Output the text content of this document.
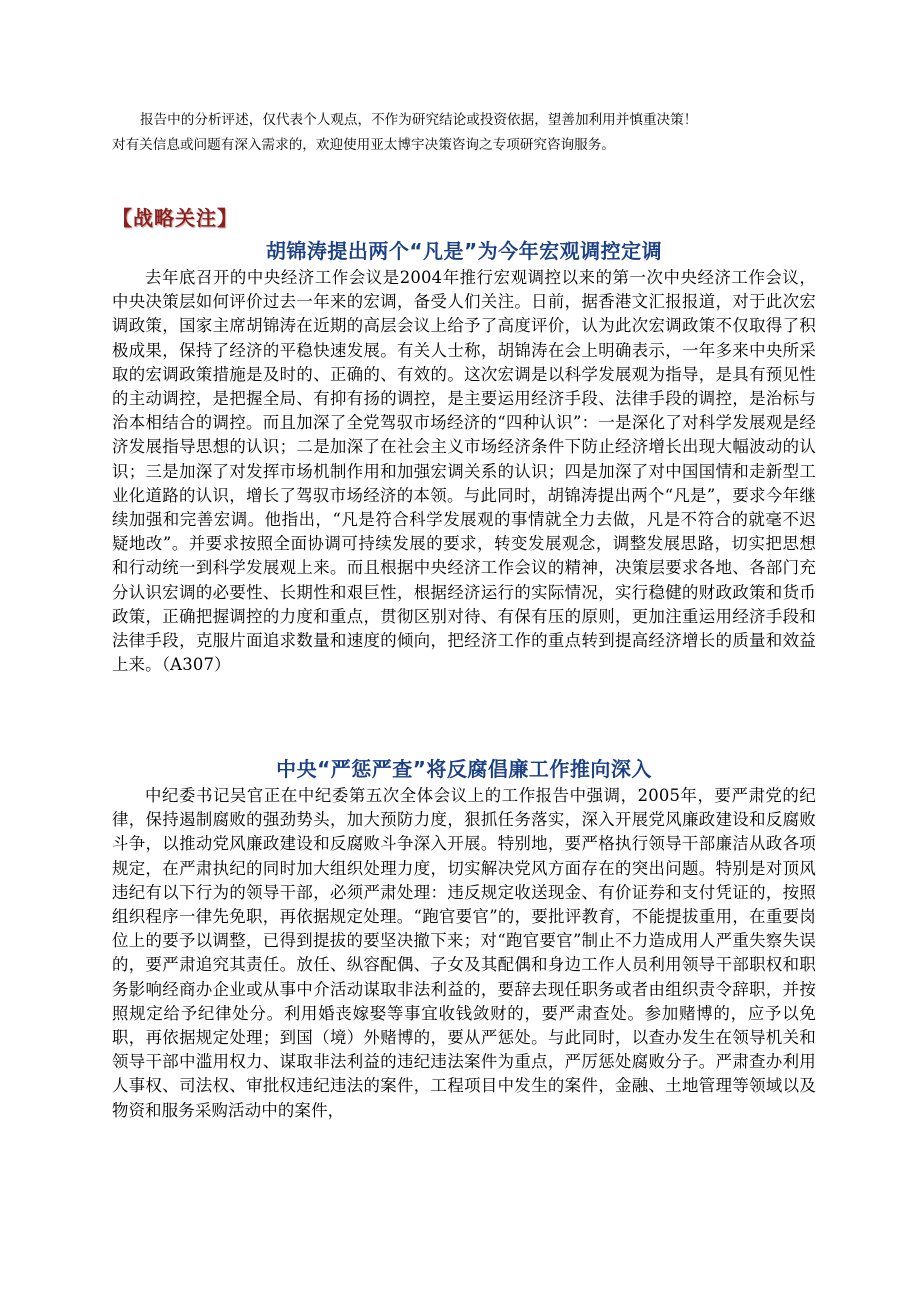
报告中的分析评述，仅代表个人观点，不作为研究结论或投资依据，望善加利用并慎重决策！

对有关信息或问题有深入需求的，欢迎使用亚太博宇决策咨询之专项研究咨询服务。

【战略关注】
胡锦涛提出两个“凡是”为今年宏观调控定调

去年底召开的中央经济工作会议是2004年推行宏观调控以来的第一次中央经济工作会议，中央决策层如何评价过去一年来的宏调，备受人们关注。日前，据香港文汇报报道，对于此次宏调政策，国家主席胡锦涛在近期的高层会议上给予了高度评价，认为此次宏调政策不仅取得了积极成果，保持了经济的平稳快速发展。有关人士称，胡锦涛在会上明确表示，一年多来中央所采取的宏调政策措施是及时的、正确的、有效的。这次宏调是以科学发展观为指导，是具有预见性的主动调控，是把握全局、有抑有扬的调控，是主要运用经济手段、法律手段的调控，是治标与治本相结合的调控。而且加深了全党驾驭市场经济的“四种认识”：一是深化了对科学发展观是经济发展指导思想的认识；二是加深了在社会主义市场经济条件下防止经济增长出现大幅波动的认识；三是加深了对发挥市场机制作用和加强宏调关系的认识；四是加深了对中国国情和走新型工业化道路的认识，增长了驾驭市场经济的本领。与此同时，胡锦涛提出两个“凡是”，要求今年继续加强和完善宏调。他指出，“凡是符合科学发展观的事情就全力去做，凡是不符合的就毫不迟疑地改”。并要求按照全面协调可持续发展的要求，转变发展观念，调整发展思路，切实把思想和行动统一到科学发展观上来。而且根据中央经济工作会议的精神，决策层要求各地、各部门充分认识宏调的必要性、长期性和艰巨性，根据经济运行的实际情况，实行稳健的财政政策和货币政策，正确把握调控的力度和重点，贯彻区别对待、有保有压的原则，更加注重运用经济手段和法律手段，克服片面追求数量和速度的倾向，把经济工作的重点转到提高经济增长的质量和效益上来。（A307）

中央“严惩严查”将反腐倡廉工作推向深入

中纪委书记吴官正在中纪委第五次全体会议上的工作报告中强调，2005年，要严肃党的纪律，保持遏制腐败的强劲势头，加大预防力度，狠抓任务落实，深入开展党风廉政建设和反腐败斗争，以推动党风廉政建设和反腐败斗争深入开展。特别地，要严格执行领导干部廉洁从政各项规定，在严肃执纪的同时加大组织处理力度，切实解决党风方面存在的突出问题。特别是对顶风违纪有以下行为的领导干部，必须严肃处理：违反规定收送现金、有价证券和支付凭证的，按照组织程序一律先免职，再依据规定处理。“跑官要官”的，要批评教育，不能提拔重用，在重要岗位上的要予以调整，已得到提拔的要坚决撤下来；对“跑官要官”制止不力造成用人严重失察失误的，要严肃追究其责任。放任、纵容配偶、子女及其配偶和身边工作人员利用领导干部职权和职务影响经商办企业或从事中介活动谋取非法利益的，要辞去现任职务或者由组织责令辞职，并按照规定给予纪律处分。利用婚丧嫁娶等事宜收钱敛财的，要严肃查处。参加赌博的，应予以免职，再依据规定处理；到国（境）外赌博的，要从严惩处。与此同时，以查办发生在领导机关和领导干部中滥用权力、谋取非法利益的违纪违法案件为重点，严厉惩处腐败分子。严肃查办利用人事权、司法权、审批权违纪违法的案件，工程项目中发生的案件，金融、土地管理等领域以及物资和服务采购活动中的案件，
